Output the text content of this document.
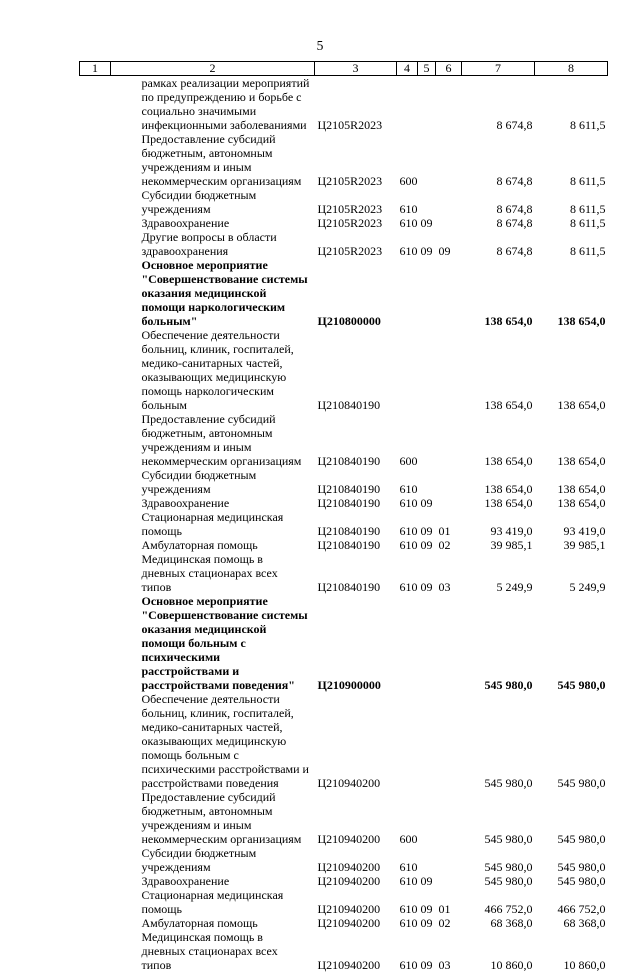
5
1	2	3	4	5	6	7	8
	рамках реализации мероприятий по предупреждению и борьбе с социально значимыми инфекционными заболеваниями	Ц2105R2023				8 674,8	8 611,5
	Предоставление субсидий бюджетным, автономным учреждениям и иным некоммерческим организациям	Ц2105R2023	600			8 674,8	8 611,5
	Субсидии бюджетным учреждениям	Ц2105R2023	610			8 674,8	8 611,5
	Здравоохранение	Ц2105R2023	610	09		8 674,8	8 611,5
	Другие вопросы в области здравоохранения	Ц2105R2023	610	09	09	8 674,8	8 611,5
	Основное мероприятие "Совершенствование системы оказания медицинской помощи наркологическим больным"	Ц210800000				138 654,0	138 654,0
	Обеспечение деятельности больниц, клиник, госпиталей, медико-санитарных частей, оказывающих медицинскую помощь наркологическим больным	Ц210840190				138 654,0	138 654,0
	Предоставление субсидий бюджетным, автономным учреждениям и иным некоммерческим организациям	Ц210840190	600			138 654,0	138 654,0
	Субсидии бюджетным учреждениям	Ц210840190	610			138 654,0	138 654,0
	Здравоохранение	Ц210840190	610	09		138 654,0	138 654,0
	Стационарная медицинская помощь	Ц210840190	610	09	01	93 419,0	93 419,0
	Амбулаторная помощь	Ц210840190	610	09	02	39 985,1	39 985,1
	Медицинская помощь в дневных стационарах всех типов	Ц210840190	610	09	03	5 249,9	5 249,9
	Основное мероприятие "Совершенствование системы оказания медицинской помощи больным с психическими расстройствами и расстройствами поведения"	Ц210900000				545 980,0	545 980,0
	Обеспечение деятельности больниц, клиник, госпиталей, медико-санитарных частей, оказывающих медицинскую помощь больным с психическими расстройствами и расстройствами поведения	Ц210940200				545 980,0	545 980,0
	Предоставление субсидий бюджетным, автономным учреждениям и иным некоммерческим организациям	Ц210940200	600			545 980,0	545 980,0
	Субсидии бюджетным учреждениям	Ц210940200	610			545 980,0	545 980,0
	Здравоохранение	Ц210940200	610	09		545 980,0	545 980,0
	Стационарная медицинская помощь	Ц210940200	610	09	01	466 752,0	466 752,0
	Амбулаторная помощь	Ц210940200	610	09	02	68 368,0	68 368,0
	Медицинская помощь в дневных стационарах всех типов	Ц210940200	610	09	03	10 860,0	10 860,0
